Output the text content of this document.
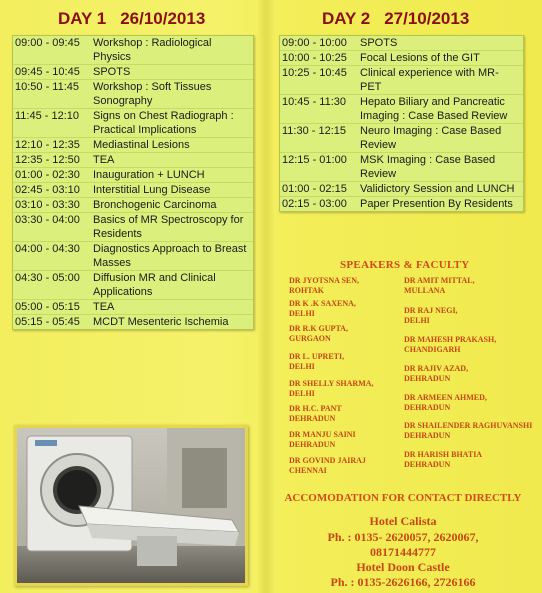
DAY 1 26/10/2013	DAY 2 27/10/2013
09:00 - 09:45	Workshop : Radiological Physics
09:45 - 10:45	SPOTS
10:50 - 11:45	Workshop : Soft Tissues Sonography
11:45 - 12:10	Signs on Chest Radiograph : Practical Implications
12:10 - 12:35	Mediastinal Lesions
12:35 - 12:50	TEA
01:00 - 02:30	Inauguration + LUNCH
02:45 - 03:10	Interstitial Lung Disease
03:10 - 03:30	Bronchogenic Carcinoma
03:30 - 04:00	Basics of MR Spectroscopy for Residents
04:00 - 04:30	Diagnostics Approach to Breast Masses
04:30 - 05:00	Diffusion MR and Clinical Applications
05:00 - 05:15	TEA
05:15 - 05:45	MCDT Mesenteric Ischemia
09:00 - 10:00	SPOTS
10:00 - 10:25	Focal Lesions of the GIT
10:25 - 10:45	Clinical experience with MR- PET
10:45 - 11:30	Hepato Biliary and Pancreatic Imaging : Case Based Review
11:30 - 12:15	Neuro Imaging : Case Based Review
12:15 - 01:00	MSK Imaging : Case Based Review
01:00 - 02:15	Validictory Session and LUNCH
02:15 - 03:00	Paper Presention By Residents
SPEAKERS & FACULTY
DR JYOTSNA SEN,
ROHTAK
DR K .K SAXENA,
DELHI
DR R.K GUPTA,
GURGAON
DR L. UPRETI,
DELHI
DR SHELLY SHARMA,
DELHI
DR H.C. PANT
DEHRADUN
DR MANJU SAINI
DEHRADUN
DR GOVIND JAIRAJ
CHENNAI
DR AMIT MITTAL,
MULLANA
DR RAJ NEGI,
DELHI
DR MAHESH PRAKASH,
CHANDIGARH
DR RAJIV AZAD,
DEHRADUN
DR ARMEEN AHMED,
DEHRADUN
DR SHAILENDER RAGHUVANSHI
DEHRADUN
DR HARISH BHATIA
DEHRADUN
ACCOMODATION FOR CONTACT DIRECTLY
Hotel Calista
Ph. : 0135- 2620057, 2620067,
08171444777
Hotel Doon Castle
Ph. : 0135-2626166, 2726166
